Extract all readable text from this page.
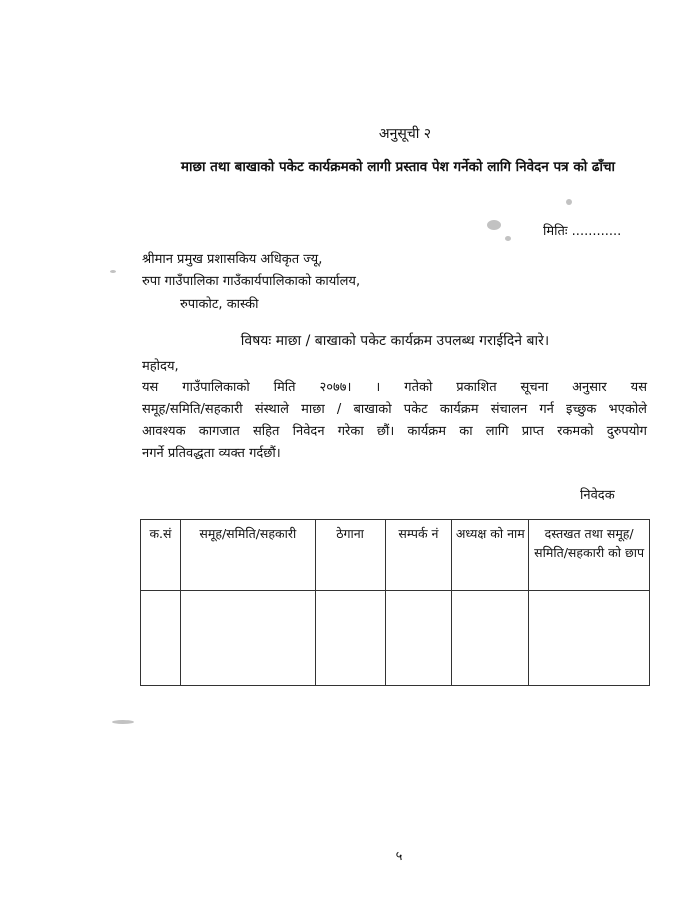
अनुसूची २
माछा तथा बाखाको पकेट कार्यक्रमको लागी प्रस्ताव पेश गर्नेको लागि निवेदन पत्र को ढाँचा
मितिः ............
श्रीमान प्रमुख प्रशासकिय अधिकृत ज्यू,
रुपा गाउँपालिका गाउँकार्यपालिकाको कार्यालय,
रुपाकोट, कास्की
विषयः माछा / बाखाको पकेट कार्यक्रम उपलब्ध गराईदिने बारे।
महोदय,

यस गाउँपालिकाको मिति २०७७। । गतेको प्रकाशित सूचना अनुसार यस

समूह/समिति/सहकारी संस्थाले माछा / बाखाको पकेट कार्यक्रम संचालन गर्न इच्छुक भएकोले

आवश्यक कागजात सहित निवेदन गरेका छौं। कार्यक्रम का लागि प्राप्त रकमको दुरुपयोग

नगर्ने प्रतिवद्धता व्यक्त गर्दछौं।

निवेदक
क.सं	समूह/समिति/सहकारी	ठेगाना	सम्पर्क नं	अध्यक्ष को नाम	दस्तखत तथा समूह/समिति/सहकारी को छाप

५
